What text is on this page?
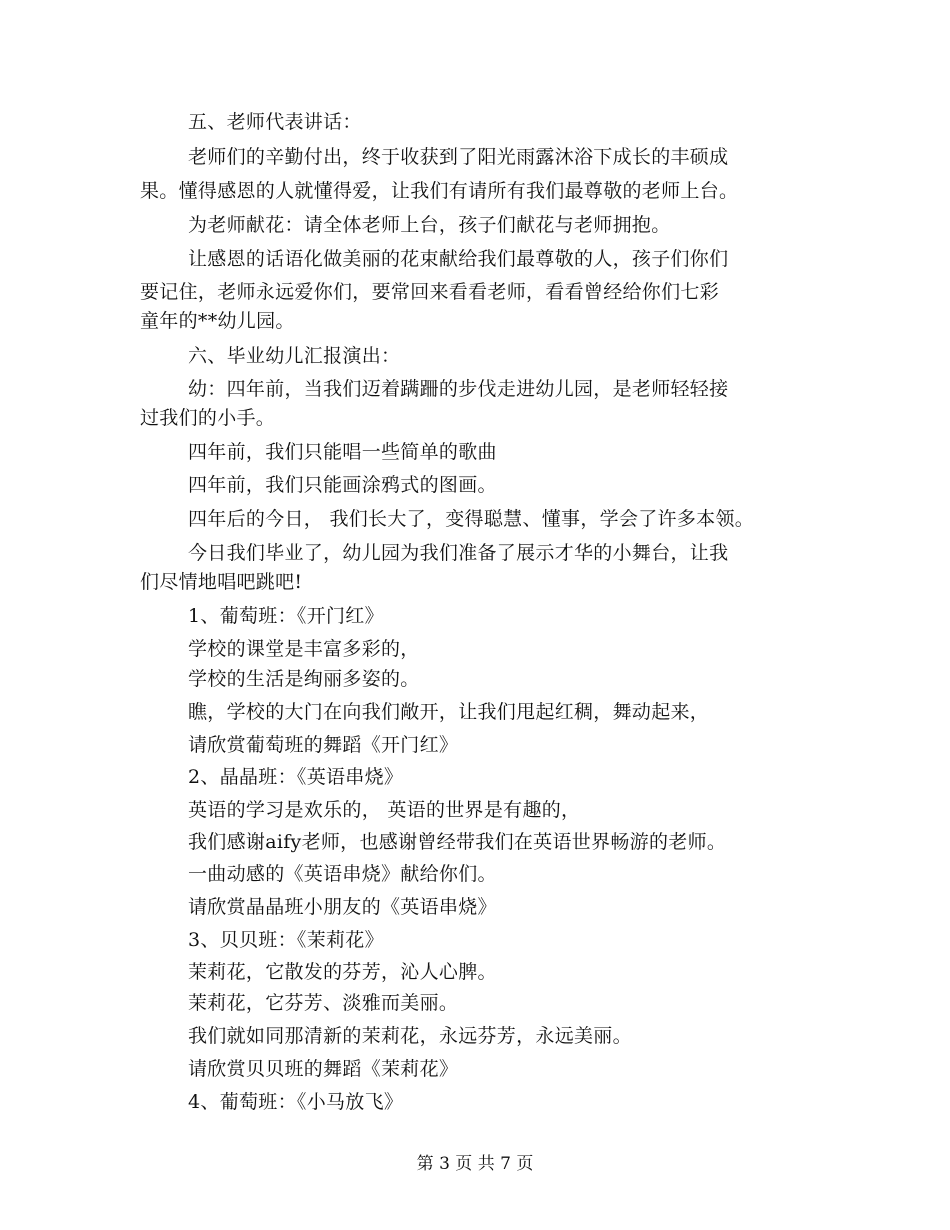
五、老师代表讲话：
老师们的辛勤付出，终于收获到了阳光雨露沐浴下成长的丰硕成
果。懂得感恩的人就懂得爱，让我们有请所有我们最尊敬的老师上台。
为老师献花：请全体老师上台，孩子们献花与老师拥抱。
让感恩的话语化做美丽的花束献给我们最尊敬的人，孩子们你们
要记住，老师永远爱你们，要常回来看看老师，看看曾经给你们七彩
童年的**幼儿园。
六、毕业幼儿汇报演出：
幼：四年前，当我们迈着蹒跚的步伐走进幼儿园，是老师轻轻接
过我们的小手。
四年前，我们只能唱一些简单的歌曲
四年前，我们只能画涂鸦式的图画。
四年后的今日， 我们长大了，变得聪慧、懂事，学会了许多本领。
今日我们毕业了，幼儿园为我们准备了展示才华的小舞台，让我
们尽情地唱吧跳吧!
1、葡萄班：《开门红》
学校的课堂是丰富多彩的，
学校的生活是绚丽多姿的。
瞧，学校的大门在向我们敞开，让我们甩起红稠，舞动起来，
请欣赏葡萄班的舞蹈《开门红》
2、晶晶班：《英语串烧》
英语的学习是欢乐的， 英语的世界是有趣的，
我们感谢aify老师，也感谢曾经带我们在英语世界畅游的老师。
一曲动感的《英语串烧》献给你们。
请欣赏晶晶班小朋友的《英语串烧》
3、贝贝班：《茉莉花》
茉莉花，它散发的芬芳，沁人心脾。
茉莉花，它芬芳、淡雅而美丽。
我们就如同那清新的茉莉花，永远芬芳，永远美丽。
请欣赏贝贝班的舞蹈《茉莉花》
4、葡萄班：《小马放飞》
第 3 页 共 7 页
